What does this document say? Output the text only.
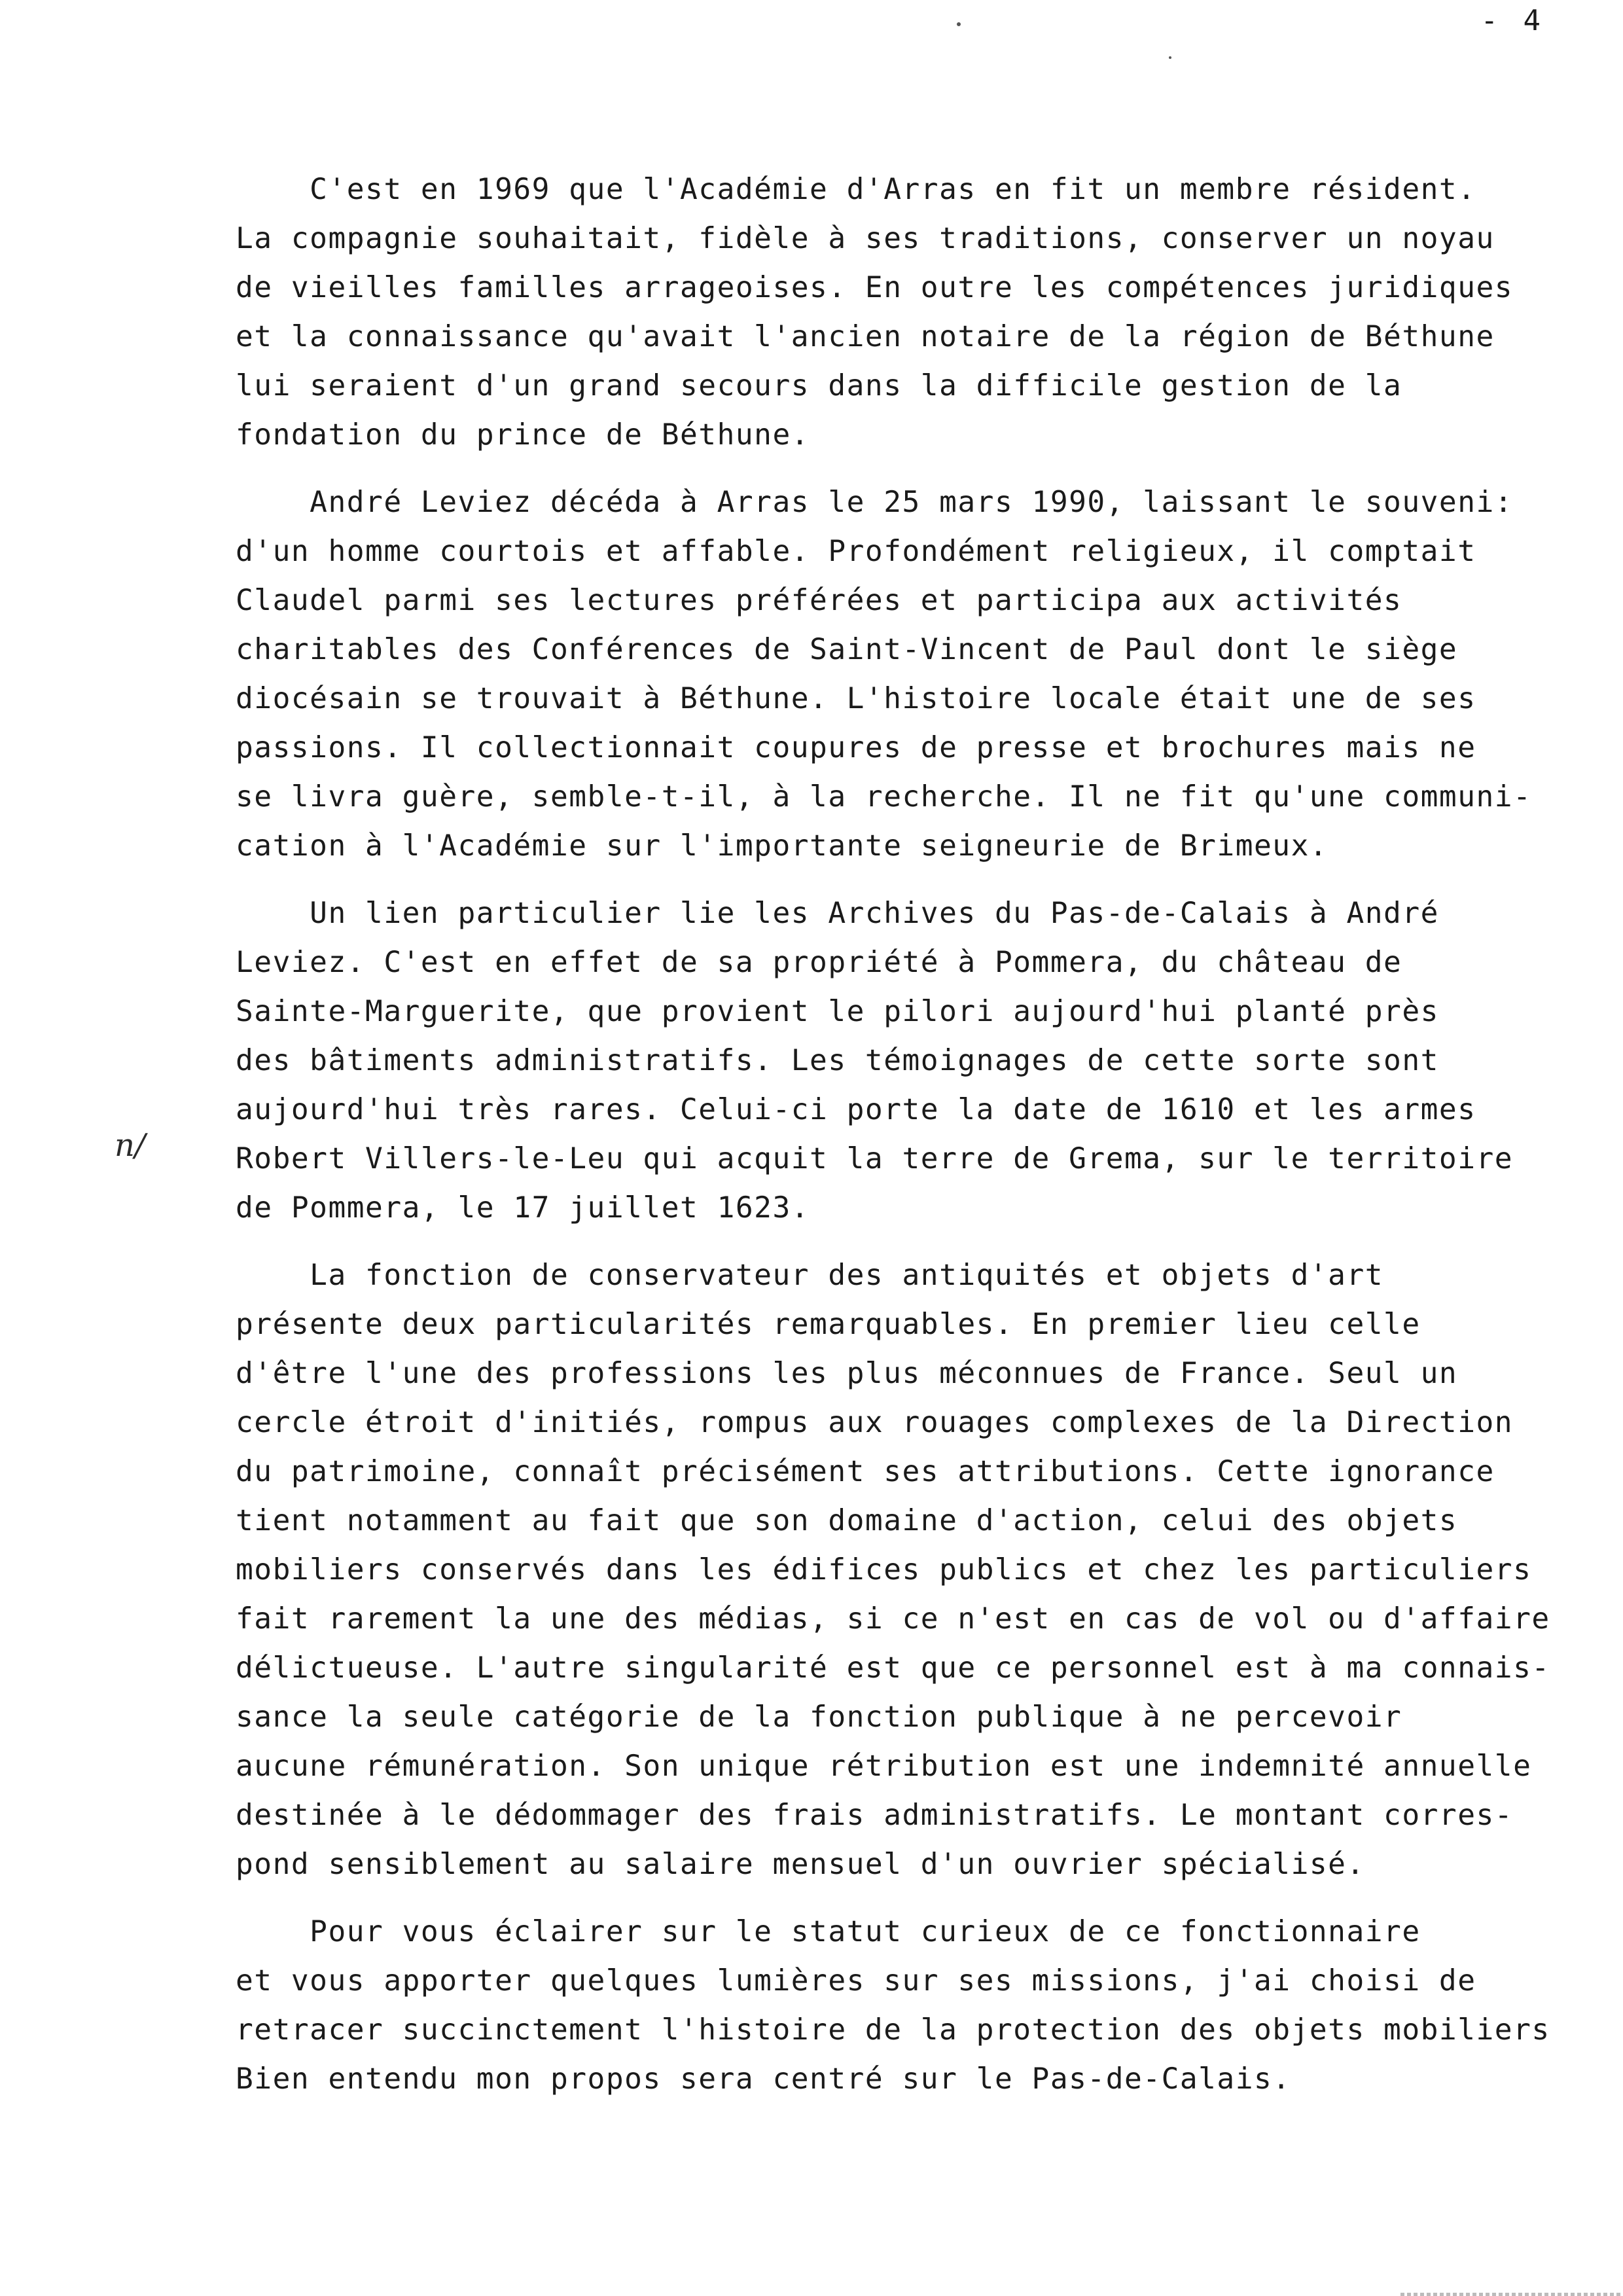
- 4
n/
C'est en 1969 que l'Académie d'Arras en fit un membre résident.
La compagnie souhaitait, fidèle à ses traditions, conserver un noyau
de vieilles familles arrageoises. En outre les compétences juridiques
et la connaissance qu'avait l'ancien notaire de la région de Béthune
lui seraient d'un grand secours dans la difficile gestion de la
fondation du prince de Béthune.
André Leviez décéda à Arras le 25 mars 1990, laissant le souveni:
d'un homme courtois et affable. Profondément religieux, il comptait
Claudel parmi ses lectures préférées et participa aux activités
charitables des Conférences de Saint-Vincent de Paul dont le siège
diocésain se trouvait à Béthune. L'histoire locale était une de ses
passions. Il collectionnait coupures de presse et brochures mais ne
se livra guère, semble-t-il, à la recherche. Il ne fit qu'une communi-
cation à l'Académie sur l'importante seigneurie de Brimeux.
Un lien particulier lie les Archives du Pas-de-Calais à André
Leviez. C'est en effet de sa propriété à Pommera, du château de
Sainte-Marguerite, que provient le pilori aujourd'hui planté près
des bâtiments administratifs. Les témoignages de cette sorte sont
aujourd'hui très rares. Celui-ci porte la date de 1610 et les armes
Robert Villers-le-Leu qui acquit la terre de Grema, sur le territoire
de Pommera, le 17 juillet 1623.
La fonction de conservateur des antiquités et objets d'art
présente deux particularités remarquables. En premier lieu celle
d'être l'une des professions les plus méconnues de France. Seul un
cercle étroit d'initiés, rompus aux rouages complexes de la Direction
du patrimoine, connaît précisément ses attributions. Cette ignorance
tient notamment au fait que son domaine d'action, celui des objets
mobiliers conservés dans les édifices publics et chez les particuliers
fait rarement la une des médias, si ce n'est en cas de vol ou d'affaire
délictueuse. L'autre singularité est que ce personnel est à ma connais-
sance la seule catégorie de la fonction publique à ne percevoir
aucune rémunération. Son unique rétribution est une indemnité annuelle
destinée à le dédommager des frais administratifs. Le montant corres-
pond sensiblement au salaire mensuel d'un ouvrier spécialisé.
Pour vous éclairer sur le statut curieux de ce fonctionnaire
et vous apporter quelques lumières sur ses missions, j'ai choisi de
retracer succinctement l'histoire de la protection des objets mobiliers
Bien entendu mon propos sera centré sur le Pas-de-Calais.
